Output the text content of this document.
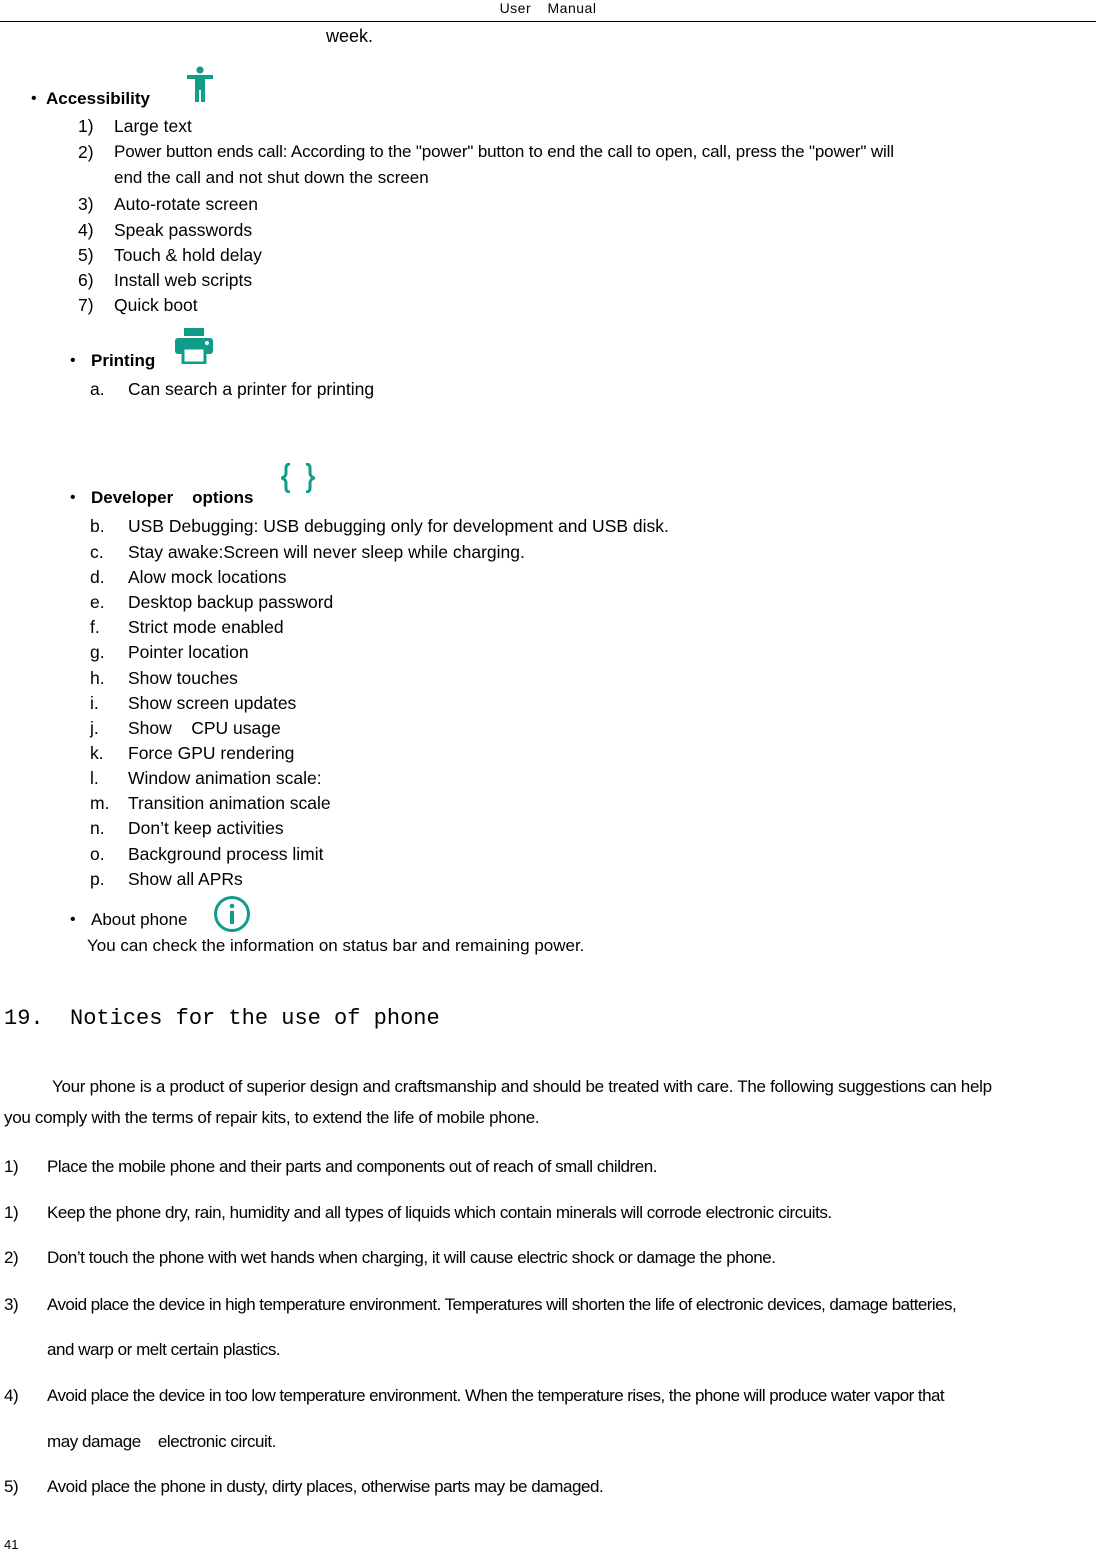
User Manual
week.
• Accessibility
1) Large text
2) Power button ends call: According to the "power" button to end the call to open, call, press the "power" will
end the call and not shut down the screen
3) Auto-rotate screen
4) Speak passwords
5) Touch & hold delay
6) Install web scripts
7) Quick boot
• Printing
a. Can search a printer for printing
• Developer    options
b. USB Debugging: USB debugging only for development and USB disk.
c. Stay awake:Screen will never sleep while charging.
d. Alow mock locations
e. Desktop backup password
f. Strict mode enabled
g. Pointer location
h. Show touches
i. Show screen updates
j. Show    CPU usage
k. Force GPU rendering
l. Window animation scale:
m. Transition animation scale
n. Don’t keep activities
o. Background process limit
p. Show all APRs
• About phone
You can check the information on status bar and remaining power.
19.  Notices for the use of phone
Your phone is a product of superior design and craftsmanship and should be treated with care. The following suggestions can help
you comply with the terms of repair kits, to extend the life of mobile phone.
1) Place the mobile phone and their parts and components out of reach of small children.
1) Keep the phone dry, rain, humidity and all types of liquids which contain minerals will corrode electronic circuits.
2) Don’t touch the phone with wet hands when charging, it will cause electric shock or damage the phone.
3) Avoid place the device in high temperature environment. Temperatures will shorten the life of electronic devices, damage batteries,
and warp or melt certain plastics.
4) Avoid place the device in too low temperature environment. When the temperature rises, the phone will produce water vapor that
may damage    electronic circuit.
5) Avoid place the phone in dusty, dirty places, otherwise parts may be damaged.
41
